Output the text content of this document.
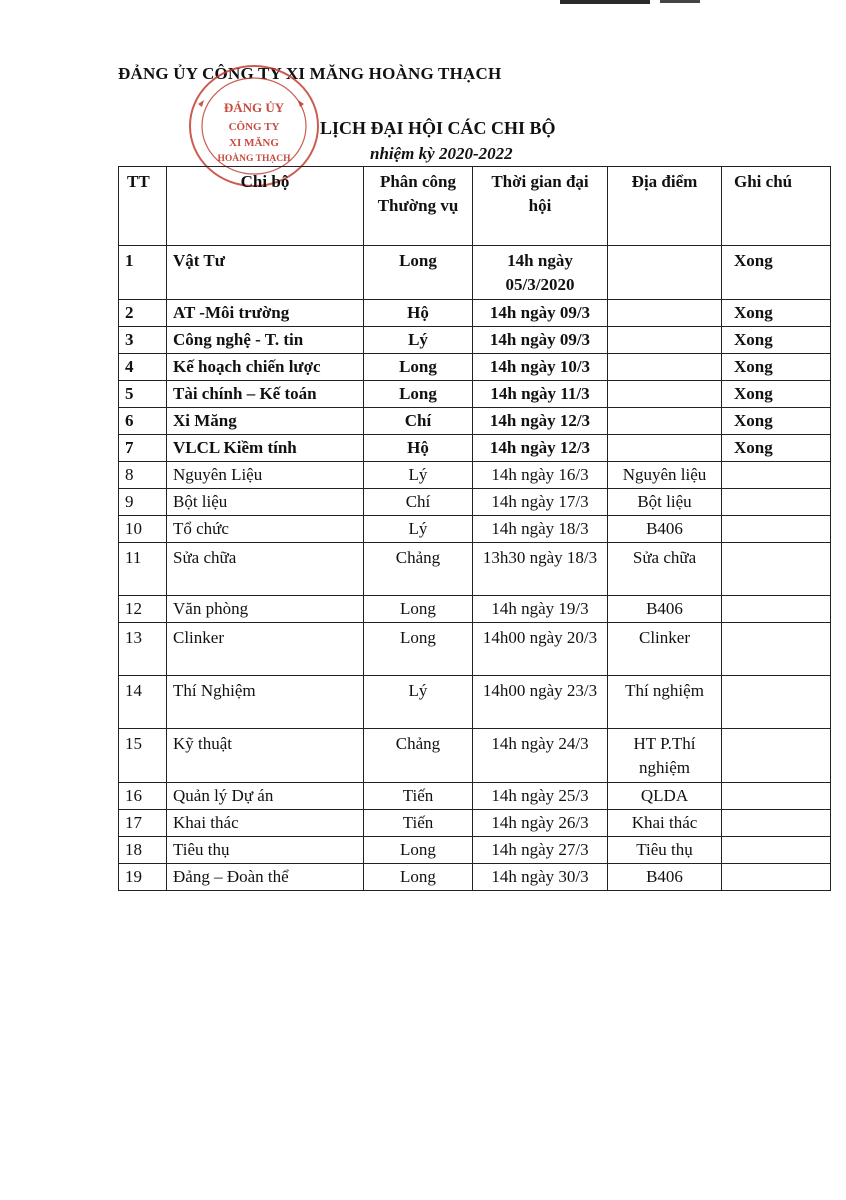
ĐẢNG ỦY CÔNG TY XI MĂNG HOÀNG THẠCH
ĐẢNG ỦY
CÔNG TY
XI MĂNG
HOÀNG THẠCH
LỊCH ĐẠI HỘI CÁC CHI BỘ
nhiệm kỳ 2020-2022
TT	Chi bộ	Phân công Thường vụ	Thời gian đại hội	Địa điểm	Ghi chú
1	Vật Tư	Long	14h ngày 05/3/2020		Xong
2	AT -Môi trường	Hộ	14h ngày 09/3		Xong
3	Công nghệ - T. tin	Lý	14h ngày 09/3		Xong
4	Kế hoạch chiến lược	Long	14h ngày 10/3		Xong
5	Tài chính – Kế toán	Long	14h ngày 11/3		Xong
6	Xi Măng	Chí	14h ngày 12/3		Xong
7	VLCL Kiềm tính	Hộ	14h ngày 12/3		Xong
8	Nguyên Liệu	Lý	14h ngày 16/3	Nguyên liệu	
9	Bột liệu	Chí	14h ngày 17/3	Bột liệu	
10	Tổ chức	Lý	14h ngày 18/3	B406	
11	Sửa chữa	Chảng	13h30 ngày 18/3	Sửa chữa	
12	Văn phòng	Long	14h ngày 19/3	B406	
13	Clinker	Long	14h00 ngày 20/3	Clinker	
14	Thí Nghiệm	Lý	14h00 ngày 23/3	Thí nghiệm	
15	Kỹ thuật	Chảng	14h ngày 24/3	HT P.Thí nghiệm	
16	Quản lý Dự án	Tiến	14h ngày 25/3	QLDA	
17	Khai thác	Tiến	14h ngày 26/3	Khai thác	
18	Tiêu thụ	Long	14h ngày 27/3	Tiêu thụ	
19	Đảng – Đoàn thể	Long	14h ngày 30/3	B406	
